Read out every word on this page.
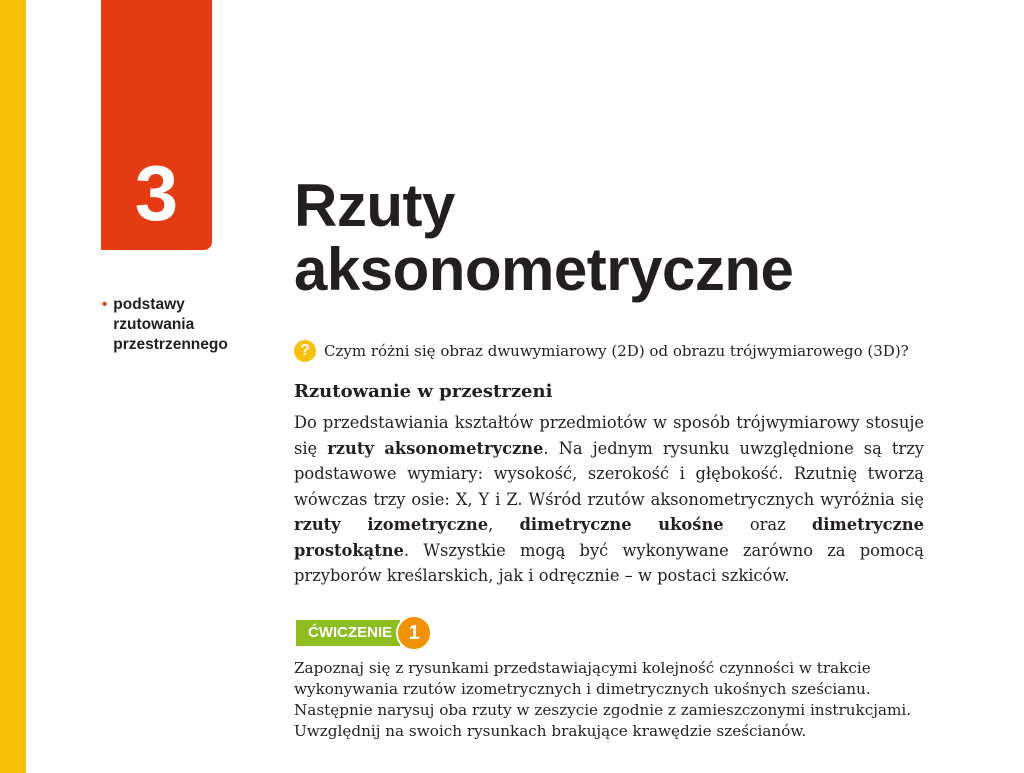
3
• podstawy rzutowania przestrzennego
Rzuty
aksonometryczne
? Czym różni się obraz dwuwymiarowy (2D) od obrazu trójwymiarowego (3D)?
Rzutowanie w przestrzeni

Do przedstawiania kształtów przedmiotów w sposób trójwymiarowy stosuje się rzuty aksonometryczne. Na jednym rysunku uwzględnione są trzy podstawowe wymiary: wysokość, szerokość i głębokość. Rzutnię tworzą wówczas trzy osie: X, Y i Z. Wśród rzutów aksonometrycznych wyróżnia się rzuty izometryczne, dimetryczne ukośne oraz dimetryczne prostokątne. Wszystkie mogą być wykonywane zarówno za pomocą przyborów kreślarskich, jak i odręcznie – w postaci szkiców.

ĆWICZENIE 1

Zapoznaj się z rysunkami przedstawiającymi kolejność czynności w trakcie wykonywania rzutów izometrycznych i dimetrycznych ukośnych sześcianu. Następnie narysuj oba rzuty w zeszycie zgodnie z zamieszczonymi instrukcjami. Uwzględnij na swoich rysunkach brakujące krawędzie sześcianów.
